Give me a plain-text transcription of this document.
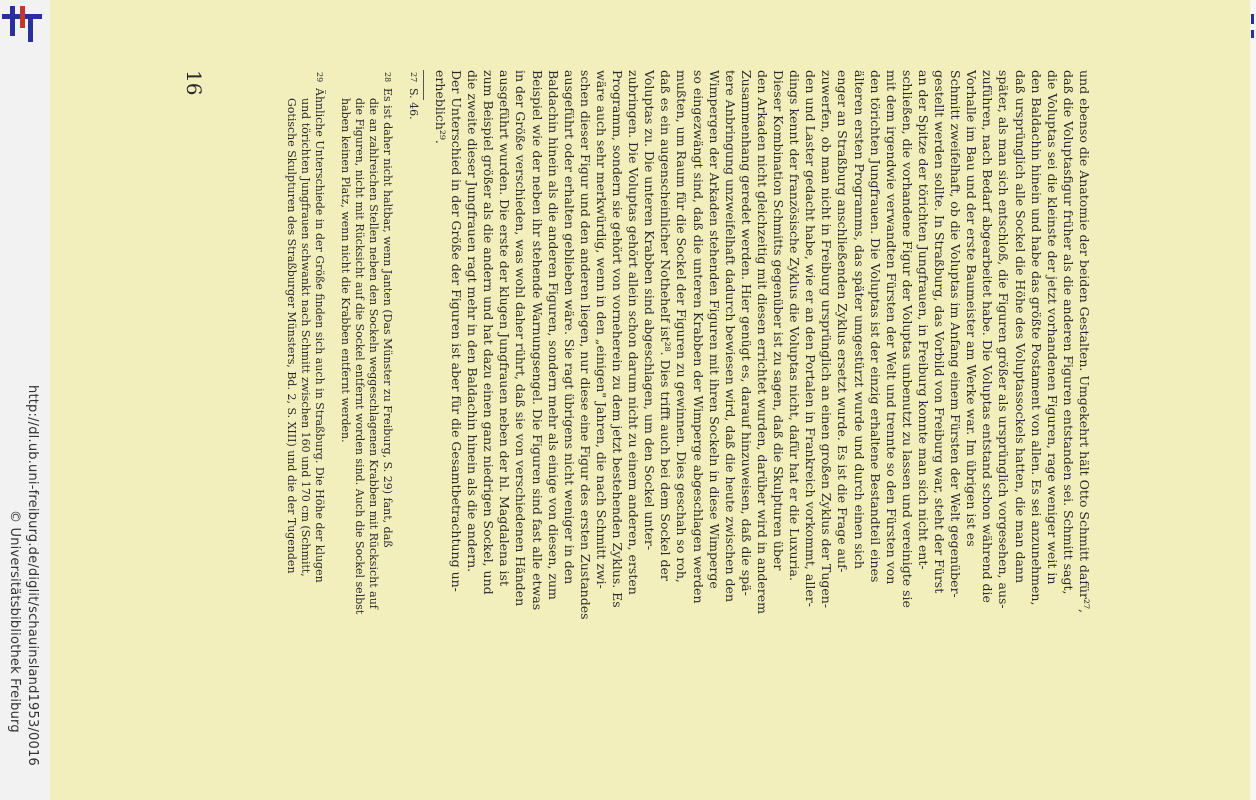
http://dl.ub.uni-freiburg.de/diglit/schauinsland1953/0016
© Universitätsbibliothek Freiburg
und ebenso die Anatomie der beiden Gestalten. Umgekehrt hält Otto Schmitt dafür²⁷,
daß die Voluptasfigur früher als die anderen Figuren entstanden sei. Schmitt sagt,
die Voluptas sei die kleinste der jetzt vorhandenen Figuren, rage weniger weit in
den Baldachin hinein und habe das größte Postament von allen. Es sei anzunehmen,
daß ursprünglich alle Sockel die Höhe des Voluptassockels hatten, die man dann
später, als man sich entschloß, die Figuren größer als ursprünglich vorgesehen, aus-
zuführen, nach Bedarf abgearbeitet habe. Die Voluptas entstand schon während die
Vorhalle im Bau und der erste Baumeister am Werke war. Im übrigen ist es
Schmitt zweifelhaft, ob die Voluptas im Anfang einem Fürsten der Welt gegenüber-
gestellt werden sollte. In Straßburg, das Vorbild von Freiburg war, steht der Fürst
an der Spitze der törichten Jungfrauen, in Freiburg konnte man sich nicht ent-
schließen, die vorhandene Figur der Voluptas unbenutzt zu lassen und vereinigte sie
mit dem irgendwie verwandten Fürsten der Welt und trennte so den Fürsten von
den törichten Jungfrauen. Die Voluptas ist der einzig erhaltene Bestandteil eines
älteren ersten Programms, das später umgestürzt wurde und durch einen sich
enger an Straßburg anschließenden Zyklus ersetzt wurde. Es ist die Frage auf-
zuwerfen, ob man nicht in Freiburg ursprünglich an einen großen Zyklus der Tugen-
den und Laster gedacht habe, wie er an den Portalen in Frankreich vorkommt, aller-
dings kennt der französische Zyklus die Voluptas nicht, dafür hat er die Luxuria.
Dieser Kombination Schmitts gegenüber ist zu sagen, daß die Skulpturen über
den Arkaden nicht gleichzeitig mit diesen errichtet wurden, darüber wird in anderem
Zusammenhang geredet werden. Hier genügt es, darauf hinzuweisen, daß die spä-
tere Anbringung unzweifelhaft dadurch bewiesen wird, daß die heute zwischen den
Wimpergen der Arkaden stehenden Figuren mit ihren Sockeln in diese Wimperge
so eingezwängt sind, daß die unteren Krabben der Wimperge abgeschlagen werden
mußten, um Raum für die Sockel der Figuren zu gewinnen. Dies geschah so roh,
daß es ein augenscheinlicher Nothehelf ist²⁸. Dies trifft auch bei dem Sockel der
Voluptas zu. Die unteren Krabben sind abgeschlagen, um den Sockel unter-
zubringen. Die Voluptas gehört allein schon darum nicht zu einem anderen, ersten
Programm, sondern sie gehört von vorneherein zu dem jetzt bestehenden Zyklus. Es
wäre auch sehr merkwürdig, wenn in den „einigen" Jahren, die nach Schmitt zwi-
schen dieser Figur und den anderen liegen, nur diese eine Figur des ersten Zustandes
ausgeführt oder erhalten geblieben wäre. Sie ragt übrigens nicht weniger in den
Baldachin hinein als die anderen Figuren, sondern mehr als einige von diesen, zum
Beispiel wie der neben ihr stehende Warnungsengel. Die Figuren sind fast alle etwas
in der Größe verschieden, was wohl daher rührt, daß sie von verschiedenen Händen
ausgeführt wurden. Die erste der klugen Jungfrauen neben der hl. Magdalena ist
zum Beispiel größer als die andern und hat dazu einen ganz niedrigen Sockel, und
die zweite dieser Jungfrauen ragt mehr in den Baldachin hinein als die andern.
Der Unterschied in der Größe der Figuren ist aber für die Gesamtbetrachtung un-
erheblich²⁹.
27
S. 46.
28
Es ist daher nicht haltbar, wenn Janten (Das Münster zu Freiburg, S. 29) fant, daß
die an zahlreichen Stellen neben den Sockeln weggeschlagenen Krabben mit Rücksicht auf
die Figuren, nicht mit Rücksicht auf die Sockel entfernt worden sind. Auch die Sockel selbst
haben keinen Platz, wenn nicht die Krabben entfernt werden.
29
Ähnliche Unterschiede in der Größe finden sich auch in Straßburg. Die Höhe der klugen
und törichten Jungfrauen schwankt nach Schmitt zwischen 160 und 170 cm (Schmitt,
Gotische Skulpturen des Straßburger Münsters, Bd. 2, S. XIII) und die der Tugenden
16
